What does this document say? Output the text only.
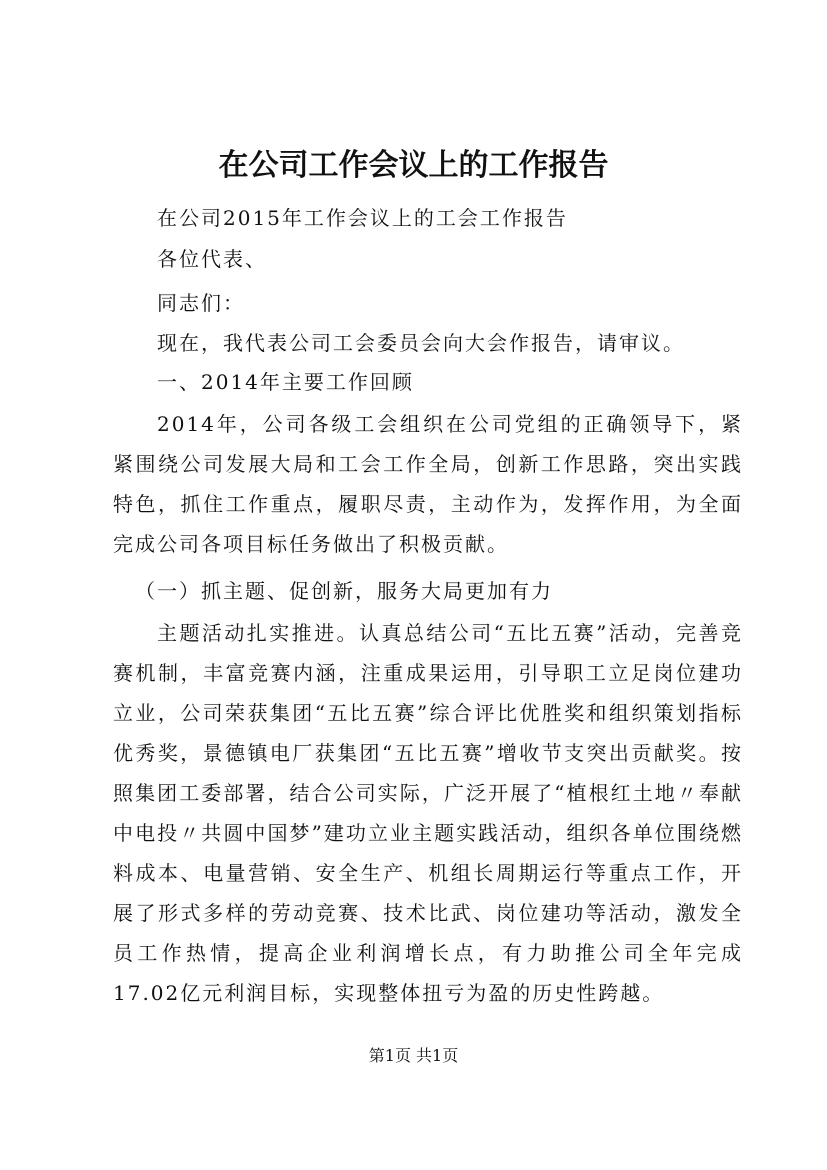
在公司工作会议上的工作报告

在公司2015年工作会议上的工会工作报告

各位代表、

同志们：

现在，我代表公司工会委员会向大会作报告，请审议。

一、2014年主要工作回顾

2014年，公司各级工会组织在公司党组的正确领导下，紧紧围绕公司发展大局和工会工作全局，创新工作思路，突出实践特色，抓住工作重点，履职尽责，主动作为，发挥作用，为全面完成公司各项目标任务做出了积极贡献。

（一）抓主题、促创新，服务大局更加有力

主题活动扎实推进。认真总结公司“五比五赛”活动，完善竞赛机制，丰富竞赛内涵，注重成果运用，引导职工立足岗位建功立业，公司荣获集团“五比五赛”综合评比优胜奖和组织策划指标优秀奖，景德镇电厂获集团“五比五赛”增收节支突出贡献奖。按照集团工委部署，结合公司实际，广泛开展了“植根红土地〃奉献中电投〃共圆中国梦”建功立业主题实践活动，组织各单位围绕燃料成本、电量营销、安全生产、机组长周期运行等重点工作，开展了形式多样的劳动竞赛、技术比武、岗位建功等活动，激发全员工作热情，提高企业利润增长点，有力助推公司全年完成17.02亿元利润目标，实现整体扭亏为盈的历史性跨越。

第1页 共1页
